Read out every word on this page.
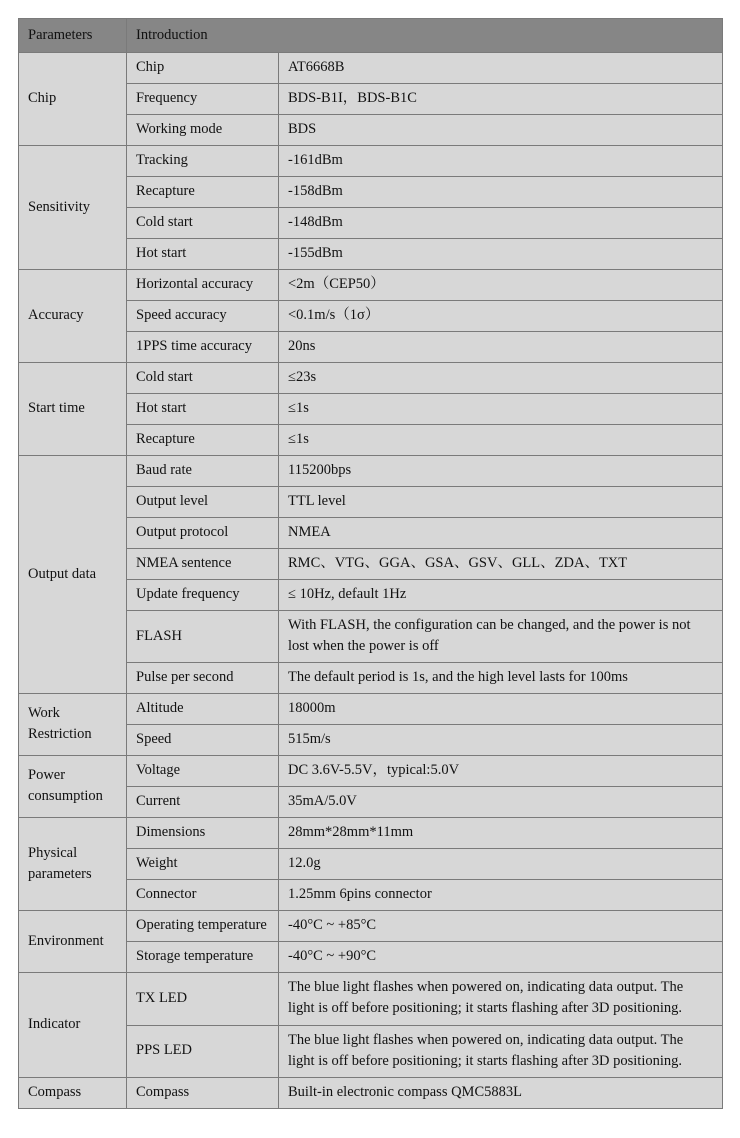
Parameters	Introduction	
Chip	Chip	AT6668B
	Frequency	BDS-B1I，BDS-B1C
	Working mode	BDS
Sensitivity	Tracking	-161dBm
	Recapture	-158dBm
	Cold start	-148dBm
	Hot start	-155dBm
Accuracy	Horizontal accuracy	<2m（CEP50）
	Speed accuracy	<0.1m/s（1σ）
	1PPS time accuracy	20ns
Start time	Cold start	≤23s
	Hot start	≤1s
	Recapture	≤1s
Output data	Baud rate	115200bps
	Output level	TTL level
	Output protocol	NMEA
	NMEA sentence	RMC、VTG、GGA、GSA、GSV、GLL、ZDA、TXT
	Update frequency	≤ 10Hz, default 1Hz
	FLASH	With FLASH, the configuration can be changed, and the power is not lost when the power is off
	Pulse per second	The default period is 1s, and the high level lasts for 100ms
Work Restriction	Altitude	18000m
	Speed	515m/s
Power consumption	Voltage	DC 3.6V-5.5V，typical:5.0V
	Current	35mA/5.0V
Physical parameters	Dimensions	28mm*28mm*11mm
	Weight	12.0g
	Connector	1.25mm 6pins connector
Environment	Operating temperature	-40°C ~ +85°C
	Storage temperature	-40°C ~ +90°C
Indicator	TX LED	The blue light flashes when powered on, indicating data output. The light is off before positioning; it starts flashing after 3D positioning.
	PPS LED	The blue light flashes when powered on, indicating data output. The light is off before positioning; it starts flashing after 3D positioning.
Compass	Compass	Built-in electronic compass QMC5883L
